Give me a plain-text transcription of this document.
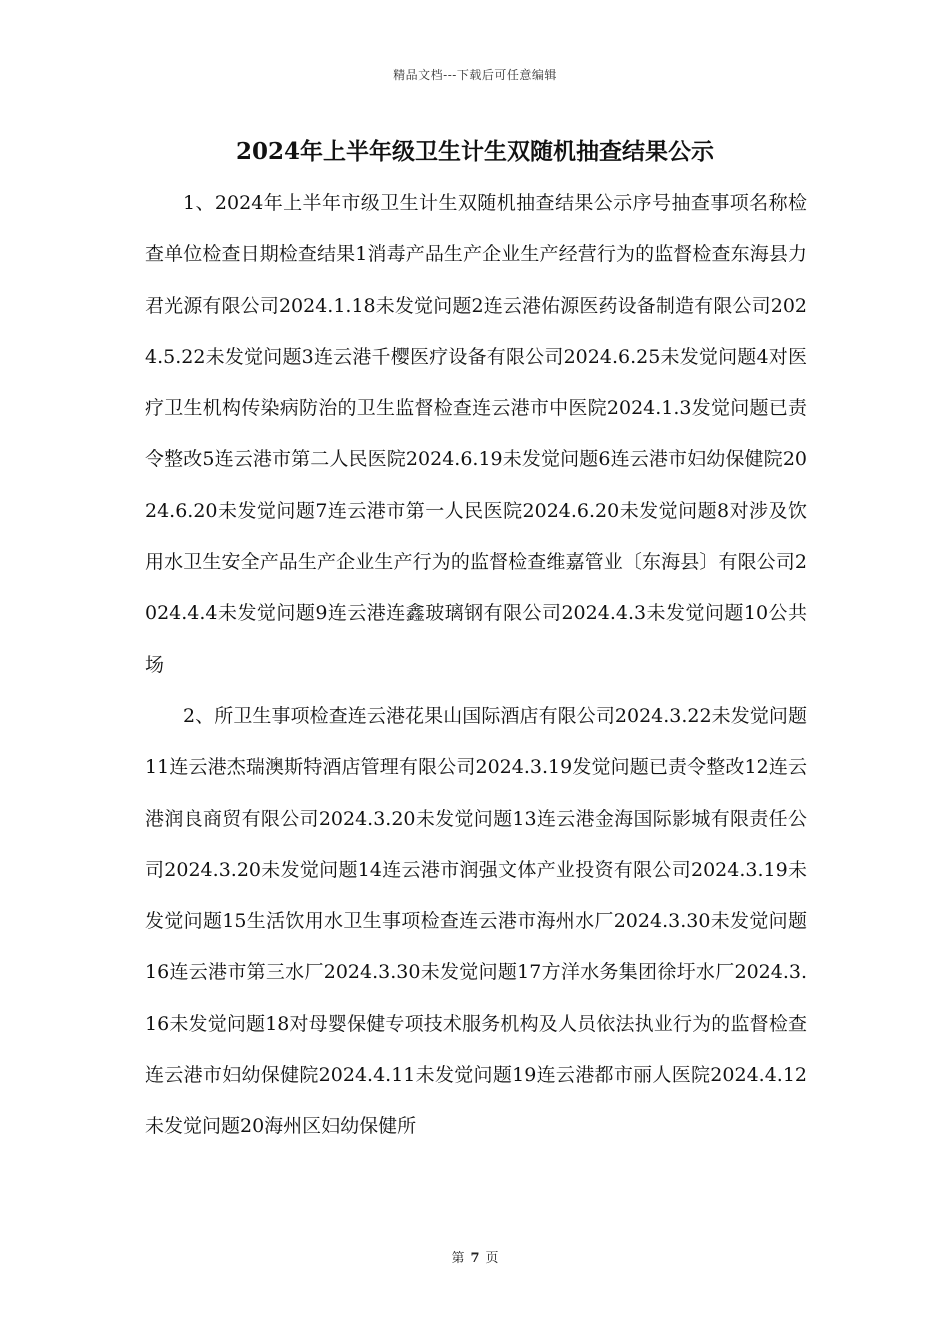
精品文档---下载后可任意编辑
2024年上半年级卫生计生双随机抽查结果公示

1、2024年上半年市级卫生计生双随机抽查结果公示序号抽查事项名称检查单位检查日期检查结果1消毒产品生产企业生产经营行为的监督检查东海县力君光源有限公司2024.1.18未发觉问题2连云港佑源医药设备制造有限公司2024.5.22未发觉问题3连云港千樱医疗设备有限公司2024.6.25未发觉问题4对医疗卫生机构传染病防治的卫生监督检查连云港市中医院2024.1.3发觉问题已责令整改5连云港市第二人民医院2024.6.19未发觉问题6连云港市妇幼保健院2024.6.20未发觉问题7连云港市第一人民医院2024.6.20未发觉问题8对涉及饮用水卫生安全产品生产企业生产行为的监督检查维嘉管业〔东海县〕有限公司2024.4.4未发觉问题9连云港连鑫玻璃钢有限公司2024.4.3未发觉问题10公共场

2、所卫生事项检查连云港花果山国际酒店有限公司2024.3.22未发觉问题11连云港杰瑞澳斯特酒店管理有限公司2024.3.19发觉问题已责令整改12连云港润良商贸有限公司2024.3.20未发觉问题13连云港金海国际影城有限责任公司2024.3.20未发觉问题14连云港市润强文体产业投资有限公司2024.3.19未发觉问题15生活饮用水卫生事项检查连云港市海州水厂2024.3.30未发觉问题16连云港市第三水厂2024.3.30未发觉问题17方洋水务集团徐圩水厂2024.3.16未发觉问题18对母婴保健专项技术服务机构及人员依法执业行为的监督检查连云港市妇幼保健院2024.4.11未发觉问题19连云港都市丽人医院2024.4.12未发觉问题20海州区妇幼保健所

第 7 页
